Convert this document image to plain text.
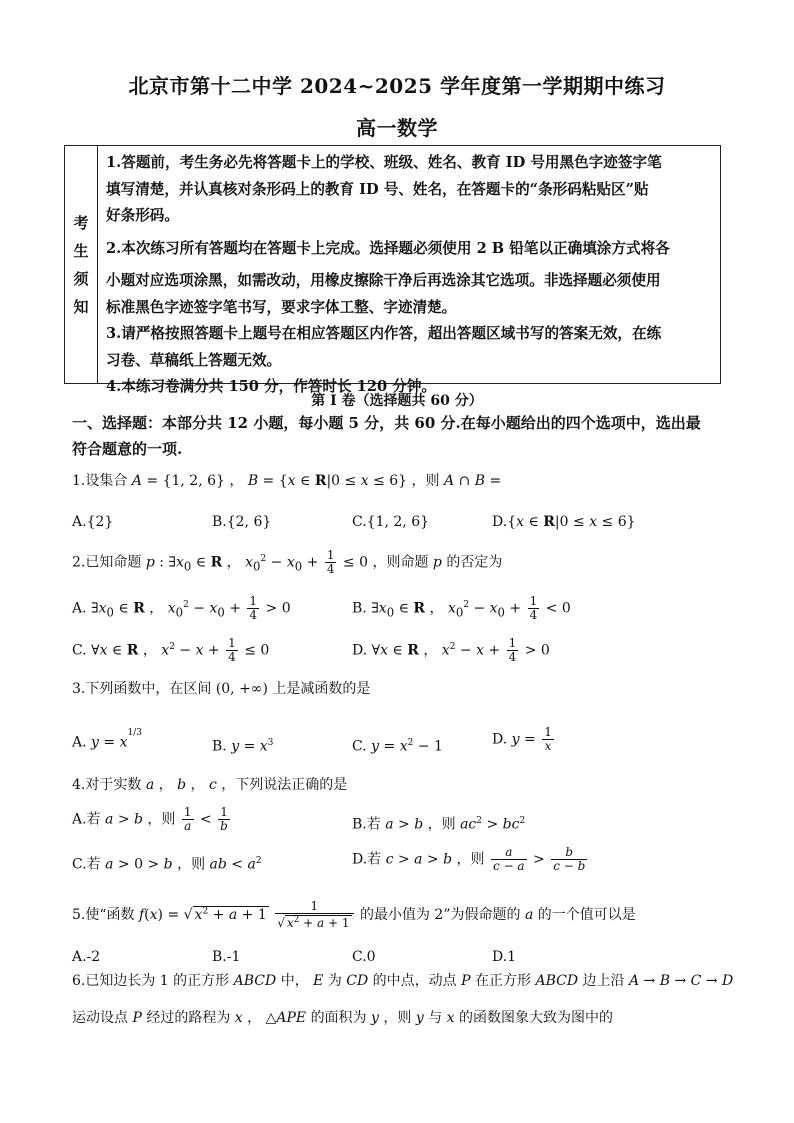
北京市第十二中学 2024~2025 学年度第一学期期中练习
高一数学
考
生
须
知
1.答题前，考生务必先将答题卡上的学校、班级、姓名、教育 ID 号用黑色字迹签字笔
填写清楚，并认真核对条形码上的教育 ID 号、姓名，在答题卡的“条形码粘贴区”贴
好条形码。
2.本次练习所有答题均在答题卡上完成。选择题必须使用 2 B 铅笔以正确填涂方式将各
小题对应选项涂黑，如需改动，用橡皮擦除干净后再选涂其它选项。非选择题必须使用
标准黑色字迹签字笔书写，要求字体工整、字迹清楚。
3.请严格按照答题卡上题号在相应答题区内作答，超出答题区域书写的答案无效，在练
习卷、草稿纸上答题无效。
4.本练习卷满分共 150 分，作答时长 120 分钟。
第 Ⅰ 卷（选择题共 60 分）
一、选择题：本部分共 12 小题，每小题 5 分，共 60 分.在每小题给出的四个选项中，选出最
符合题意的一项.
1.设集合 A = {1, 2, 6} ， B = {x ∈ R|0 ≤ x ≤ 6} ，则 A ∩ B =
A.{2}	B.{2, 6}	C.{1, 2, 6}	D.{x ∈ R|0 ≤ x ≤ 6}
2.已知命题 p : $\exists x_0$ ∈ R ， $x_0^2 - x_0 + \frac{1}{4} \le 0$ ，则命题 p 的否定为
A. $\exists x_0$ ∈ R ， $x_0^2 - x_0 + \frac{1}{4} > 0$	B. $\exists x_0$ ∈ R ， $x_0^2 - x_0 + \frac{1}{4} < 0$
C. ∀x ∈ R ， $x^2 - x + \frac{1}{4} \le 0$	D. ∀x ∈ R ， $x^2 - x + \frac{1}{4} > 0$
3.下列函数中，在区间 (0, +∞) 上是减函数的是
A. $y = x^{1/3}$
B. $y = x^3$	C. $y = x^2 - 1$	D. $y = \frac{1}{x}$
4.对于实数 a ， b ， c ，下列说法正确的是
A.若 a > b ，则 $\frac{1}{a} < \frac{1}{b}$	B.若 a > b ，则 $ac^2 > bc^2$
C.若 a > 0 > b ，则 ab < $a^2$	D.若 c > a > b ，则 $\frac{a}{c - a} > \frac{b}{c - b}$
5.使“函数 f(x) = √ $x^2 + a + 1 \frac{1}{√ x^2 + a + 1}$ 的最小值为 2”为假命题的 a 的一个值可以是
A.-2	B.-1	C.0	D.1
6.已知边长为 1 的正方形 ABCD 中， E 为 CD 的中点，动点 P 在正方形 ABCD 边上沿 A → B → C → D
运动设点 P 经过的路程为 x ， △APE 的面积为 y ，则 y 与 x 的函数图象大致为图中的
